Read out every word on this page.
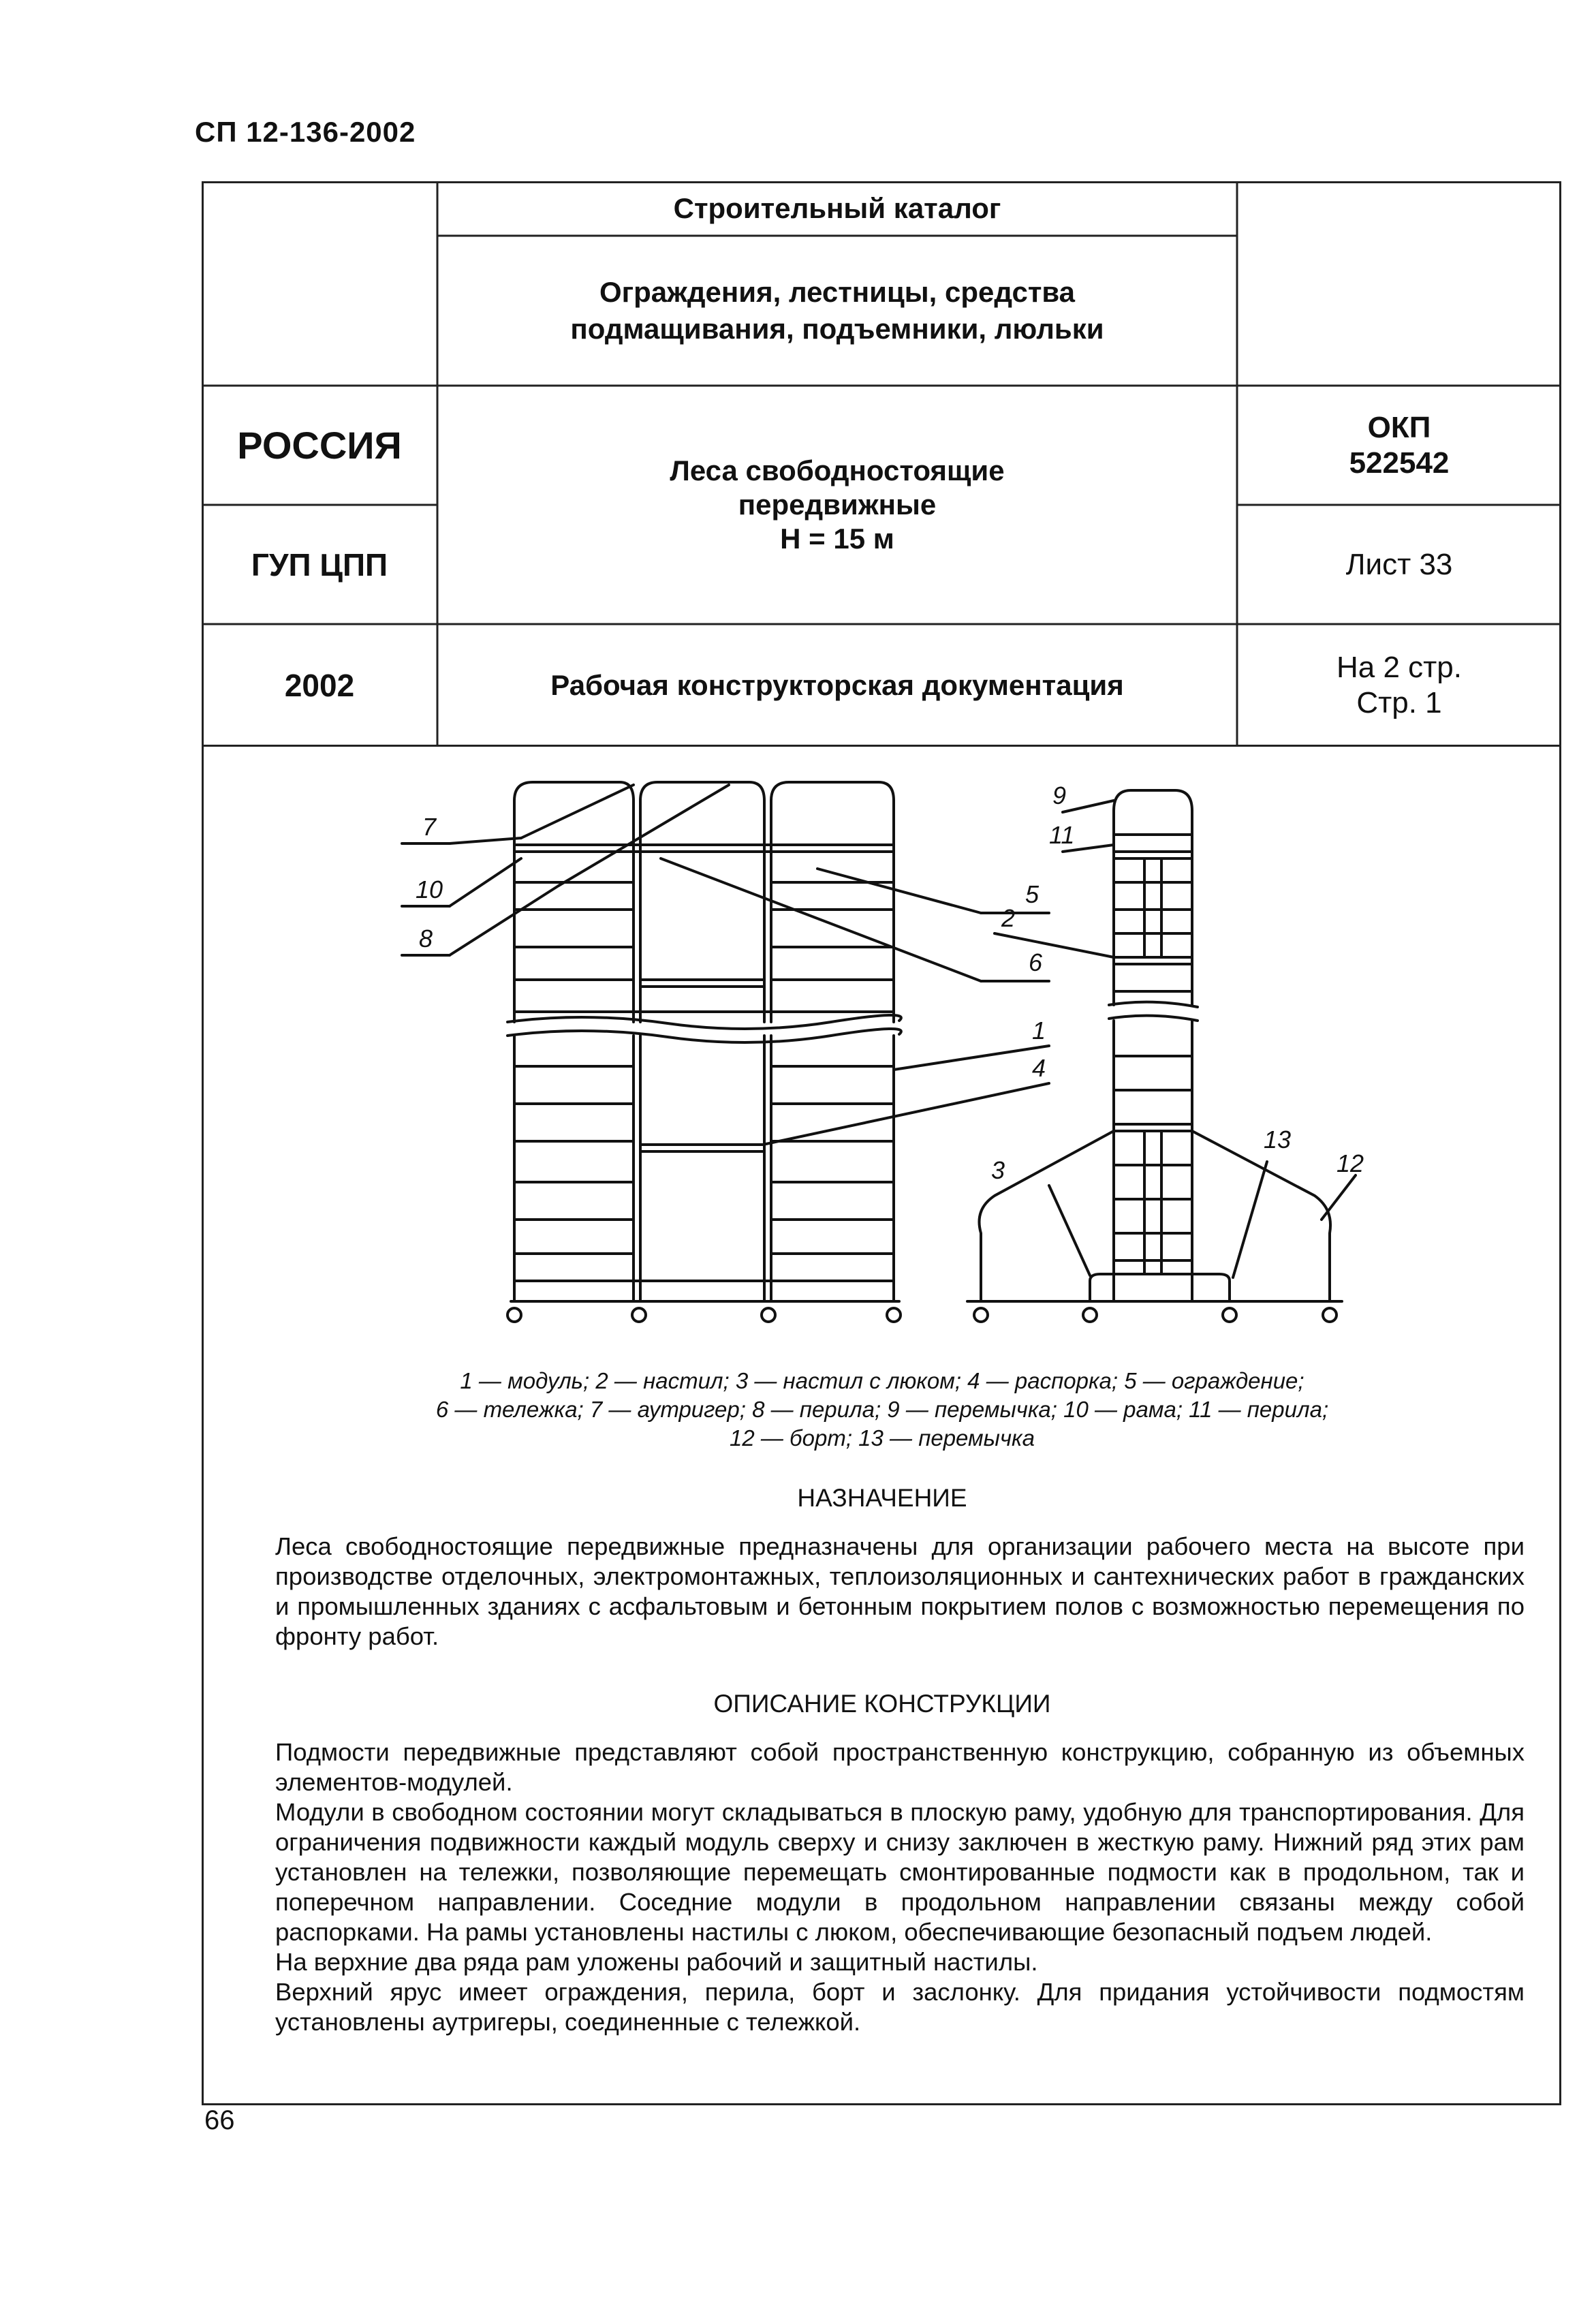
СП 12-136-2002
Строительный каталог
Ограждения, лестницы, средства
подмащивания, подъемники, люльки
РОССИЯ
ГУП ЦПП
Леса свободностоящие
передвижные
Н = 15 м
ОКП
522542
Лист 33
2002	Рабочая конструкторская документация
На 2 стр.
Стр. 1
7
10
8
9
11
5
2
6
1
4
3
13
12
1 — модуль; 2 — настил; 3 — настил с люком; 4 — распорка; 5 — ограждение;
6 — тележка; 7 — аутригер; 8 — перила; 9 — перемычка; 10 — рама; 11 — перила;
12 — борт; 13 — перемычка
НАЗНАЧЕНИЕ

Леса свободностоящие передвижные предназначены для организации рабочего места на высоте при производстве отделочных, электромонтажных, теплоизоляционных и сантехнических работ в гражданских и промышленных зданиях с асфальтовым и бетонным покрытием полов с возможностью перемещения по фронту работ.

ОПИСАНИЕ КОНСТРУКЦИИ

Подмости передвижные представляют собой пространственную конструкцию, собранную из объемных элементов-модулей.

Модули в свободном состоянии могут складываться в плоскую раму, удобную для транспортирования. Для ограничения подвижности каждый модуль сверху и снизу заключен в жесткую раму. Нижний ряд этих рам установлен на тележки, позволяющие перемещать смонтированные подмости как в продольном, так и поперечном направлении. Соседние модули в продольном направлении связаны между собой распорками. На рамы установлены настилы с люком, обеспечивающие безопасный подъем людей.

На верхние два ряда рам уложены рабочий и защитный настилы.

Верхний ярус имеет ограждения, перила, борт и заслонку. Для придания устойчивости подмостям установлены аутригеры, соединенные с тележкой.

66
